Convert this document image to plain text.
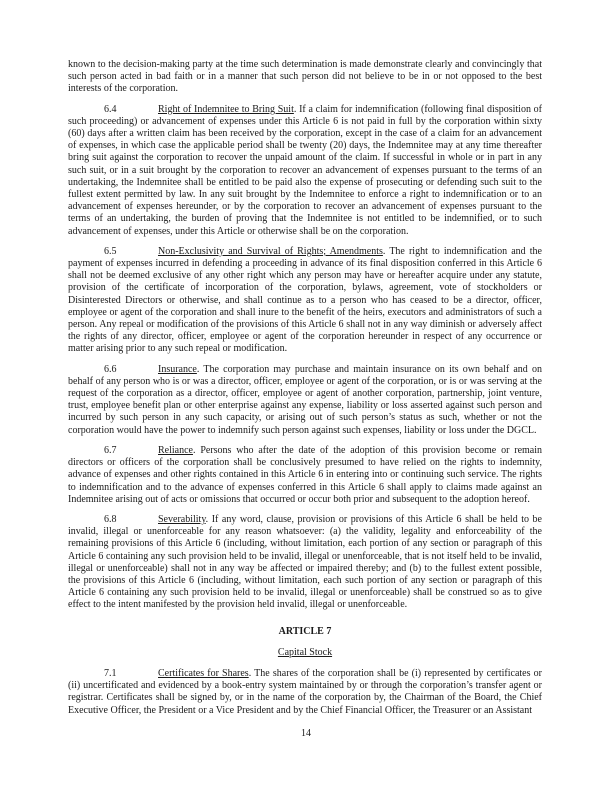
known to the decision-making party at the time such determination is made demonstrate clearly and convincingly that such person acted in bad faith or in a manner that such person did not believe to be in or not opposed to the best interests of the corporation.

6.4	Right of Indemnitee to Bring Suit. If a claim for indemnification (following final disposition of such proceeding) or advancement of expenses under this Article 6 is not paid in full by the corporation within sixty (60) days after a written claim has been received by the corporation, except in the case of a claim for an advancement of expenses, in which case the applicable period shall be twenty (20) days, the Indemnitee may at any time thereafter bring suit against the corporation to recover the unpaid amount of the claim. If successful in whole or in part in any such suit, or in a suit brought by the corporation to recover an advancement of expenses pursuant to the terms of an undertaking, the Indemnitee shall be entitled to be paid also the expense of prosecuting or defending such suit to the fullest extent permitted by law. In any suit brought by the Indemnitee to enforce a right to indemnification or to an advancement of expenses hereunder, or by the corporation to recover an advancement of expenses pursuant to the terms of an undertaking, the burden of proving that the Indemnitee is not entitled to be indemnified, or to such advancement of expenses, under this Article or otherwise shall be on the corporation.

6.5	Non-Exclusivity and Survival of Rights; Amendments. The right to indemnification and the payment of expenses incurred in defending a proceeding in advance of its final disposition conferred in this Article 6 shall not be deemed exclusive of any other right which any person may have or hereafter acquire under any statute, provision of the certificate of incorporation of the corporation, bylaws, agreement, vote of stockholders or Disinterested Directors or otherwise, and shall continue as to a person who has ceased to be a director, officer, employee or agent of the corporation and shall inure to the benefit of the heirs, executors and administrators of such a person. Any repeal or modification of the provisions of this Article 6 shall not in any way diminish or adversely affect the rights of any director, officer, employee or agent of the corporation hereunder in respect of any occurrence or matter arising prior to any such repeal or modification.

6.6	Insurance. The corporation may purchase and maintain insurance on its own behalf and on behalf of any person who is or was a director, officer, employee or agent of the corporation, or is or was serving at the request of the corporation as a director, officer, employee or agent of another corporation, partnership, joint venture, trust, employee benefit plan or other enterprise against any expense, liability or loss asserted against such person and incurred by such person in any such capacity, or arising out of such person’s status as such, whether or not the corporation would have the power to indemnify such person against such expenses, liability or loss under the DGCL.

6.7	Reliance. Persons who after the date of the adoption of this provision become or remain directors or officers of the corporation shall be conclusively presumed to have relied on the rights to indemnity, advance of expenses and other rights contained in this Article 6 in entering into or continuing such service. The rights to indemnification and to the advance of expenses conferred in this Article 6 shall apply to claims made against an Indemnitee arising out of acts or omissions that occurred or occur both prior and subsequent to the adoption hereof.

6.8	Severability. If any word, clause, provision or provisions of this Article 6 shall be held to be invalid, illegal or unenforceable for any reason whatsoever: (a) the validity, legality and enforceability of the remaining provisions of this Article 6 (including, without limitation, each portion of any section or paragraph of this Article 6 containing any such provision held to be invalid, illegal or unenforceable, that is not itself held to be invalid, illegal or unenforceable) shall not in any way be affected or impaired thereby; and (b) to the fullest extent possible, the provisions of this Article 6 (including, without limitation, each such portion of any section or paragraph of this Article 6 containing any such provision held to be invalid, illegal or unenforceable) shall be construed so as to give effect to the intent manifested by the provision held invalid, illegal or unenforceable.

ARTICLE 7

Capital Stock

7.1	Certificates for Shares. The shares of the corporation shall be (i) represented by certificates or (ii) uncertificated and evidenced by a book-entry system maintained by or through the corporation’s transfer agent or registrar. Certificates shall be signed by, or in the name of the corporation by, the Chairman of the Board, the Chief Executive Officer, the President or a Vice President and by the Chief Financial Officer, the Treasurer or an Assistant

14
